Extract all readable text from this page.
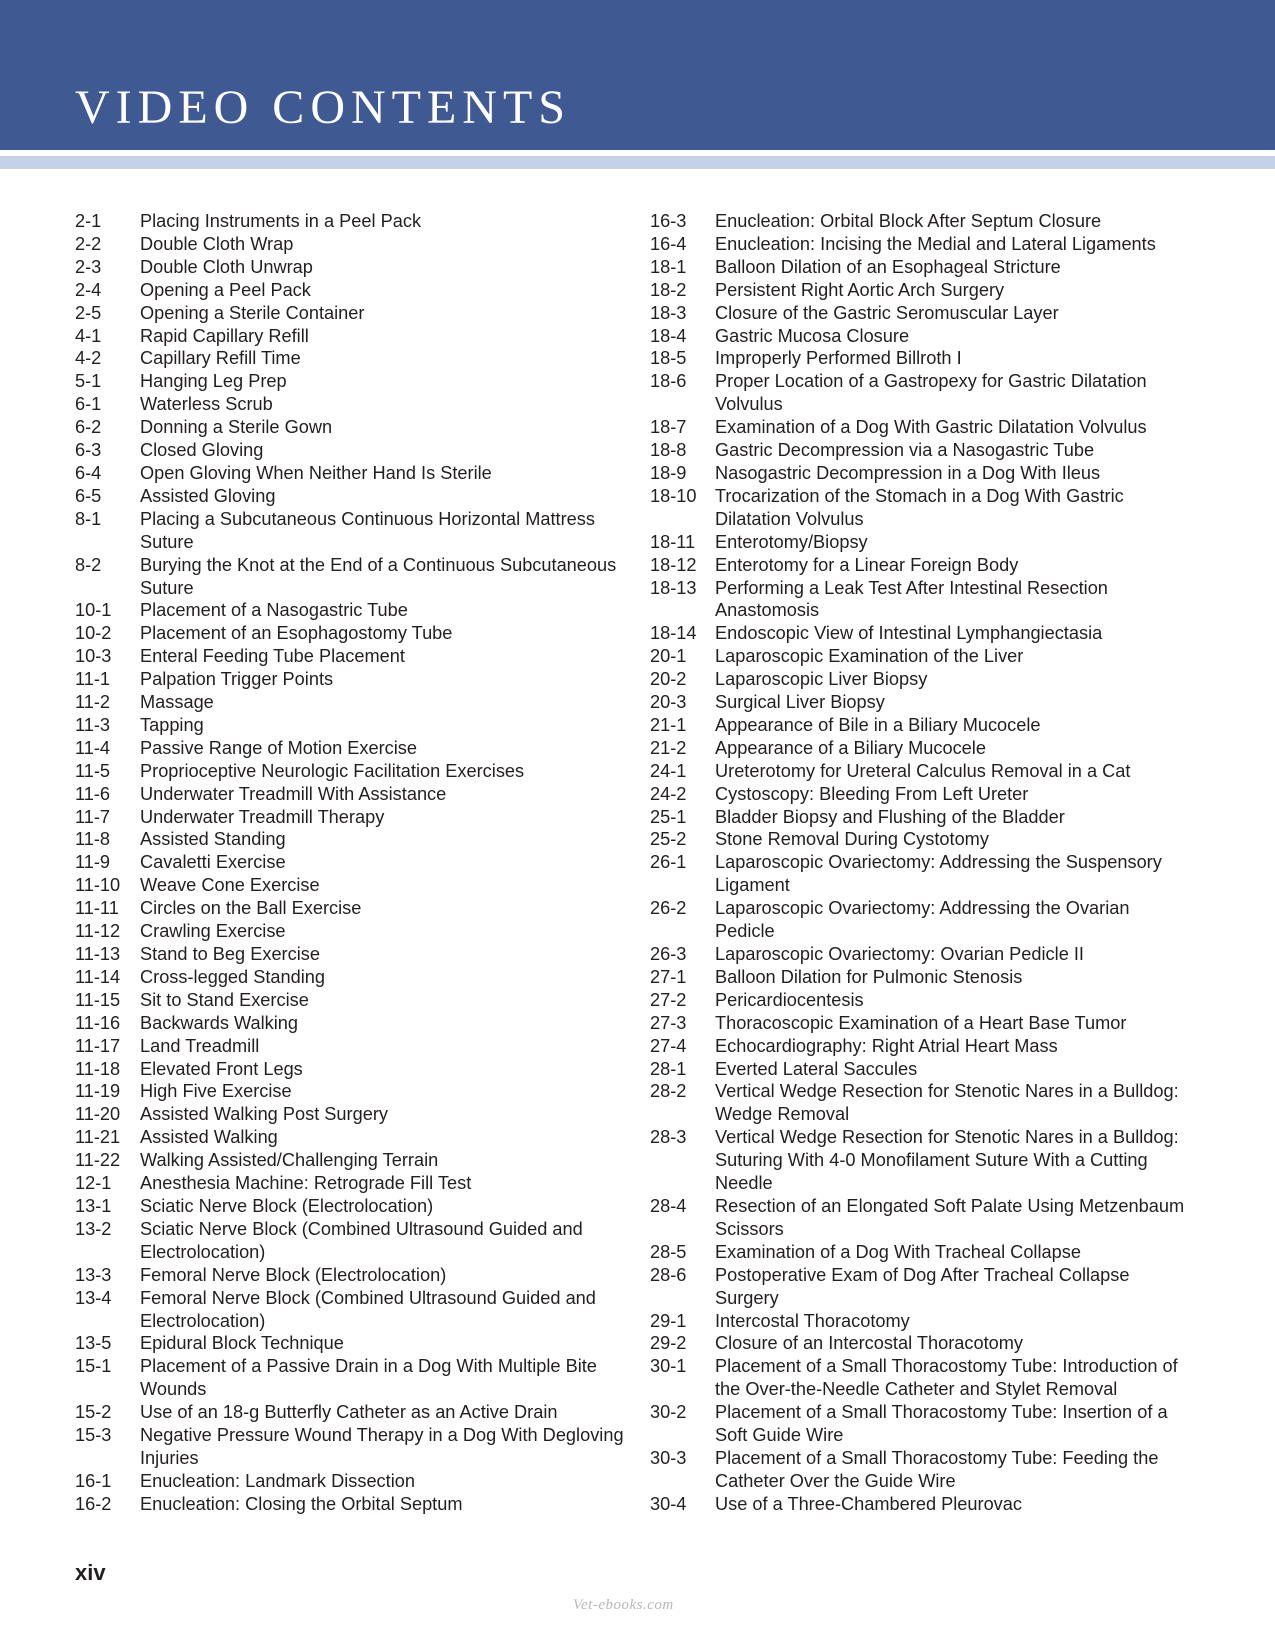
VIDEO CONTENTS
2-1	Placing Instruments in a Peel Pack
2-2	Double Cloth Wrap
2-3	Double Cloth Unwrap
2-4	Opening a Peel Pack
2-5	Opening a Sterile Container
4-1	Rapid Capillary Refill
4-2	Capillary Refill Time
5-1	Hanging Leg Prep
6-1	Waterless Scrub
6-2	Donning a Sterile Gown
6-3	Closed Gloving
6-4	Open Gloving When Neither Hand Is Sterile
6-5	Assisted Gloving
8-1	Placing a Subcutaneous Continuous Horizontal Mattress Suture
8-2	Burying the Knot at the End of a Continuous Subcutaneous Suture
10-1	Placement of a Nasogastric Tube
10-2	Placement of an Esophagostomy Tube
10-3	Enteral Feeding Tube Placement
11-1	Palpation Trigger Points
11-2	Massage
11-3	Tapping
11-4	Passive Range of Motion Exercise
11-5	Proprioceptive Neurologic Facilitation Exercises
11-6	Underwater Treadmill With Assistance
11-7	Underwater Treadmill Therapy
11-8	Assisted Standing
11-9	Cavaletti Exercise
11-10	Weave Cone Exercise
11-11	Circles on the Ball Exercise
11-12	Crawling Exercise
11-13	Stand to Beg Exercise
11-14	Cross-legged Standing
11-15	Sit to Stand Exercise
11-16	Backwards Walking
11-17	Land Treadmill
11-18	Elevated Front Legs
11-19	High Five Exercise
11-20	Assisted Walking Post Surgery
11-21	Assisted Walking
11-22	Walking Assisted/Challenging Terrain
12-1	Anesthesia Machine: Retrograde Fill Test
13-1	Sciatic Nerve Block (Electrolocation)
13-2	Sciatic Nerve Block (Combined Ultrasound Guided and Electrolocation)
13-3	Femoral Nerve Block (Electrolocation)
13-4	Femoral Nerve Block (Combined Ultrasound Guided and Electrolocation)
13-5	Epidural Block Technique
15-1	Placement of a Passive Drain in a Dog With Multiple Bite Wounds
15-2	Use of an 18-g Butterfly Catheter as an Active Drain
15-3	Negative Pressure Wound Therapy in a Dog With Degloving Injuries
16-1	Enucleation: Landmark Dissection
16-2	Enucleation: Closing the Orbital Septum
16-3	Enucleation: Orbital Block After Septum Closure
16-4	Enucleation: Incising the Medial and Lateral Ligaments
18-1	Balloon Dilation of an Esophageal Stricture
18-2	Persistent Right Aortic Arch Surgery
18-3	Closure of the Gastric Seromuscular Layer
18-4	Gastric Mucosa Closure
18-5	Improperly Performed Billroth I
18-6	Proper Location of a Gastropexy for Gastric Dilatation Volvulus
18-7	Examination of a Dog With Gastric Dilatation Volvulus
18-8	Gastric Decompression via a Nasogastric Tube
18-9	Nasogastric Decompression in a Dog With Ileus
18-10	Trocarization of the Stomach in a Dog With Gastric Dilatation Volvulus
18-11	Enterotomy/Biopsy
18-12	Enterotomy for a Linear Foreign Body
18-13	Performing a Leak Test After Intestinal Resection Anastomosis
18-14	Endoscopic View of Intestinal Lymphangiectasia
20-1	Laparoscopic Examination of the Liver
20-2	Laparoscopic Liver Biopsy
20-3	Surgical Liver Biopsy
21-1	Appearance of Bile in a Biliary Mucocele
21-2	Appearance of a Biliary Mucocele
24-1	Ureterotomy for Ureteral Calculus Removal in a Cat
24-2	Cystoscopy: Bleeding From Left Ureter
25-1	Bladder Biopsy and Flushing of the Bladder
25-2	Stone Removal During Cystotomy
26-1	Laparoscopic Ovariectomy: Addressing the Suspensory Ligament
26-2	Laparoscopic Ovariectomy: Addressing the Ovarian Pedicle
26-3	Laparoscopic Ovariectomy: Ovarian Pedicle II
27-1	Balloon Dilation for Pulmonic Stenosis
27-2	Pericardiocentesis
27-3	Thoracoscopic Examination of a Heart Base Tumor
27-4	Echocardiography: Right Atrial Heart Mass
28-1	Everted Lateral Saccules
28-2	Vertical Wedge Resection for Stenotic Nares in a Bulldog: Wedge Removal
28-3	Vertical Wedge Resection for Stenotic Nares in a Bulldog: Suturing With 4-0 Monofilament Suture With a Cutting Needle
28-4	Resection of an Elongated Soft Palate Using Metzenbaum Scissors
28-5	Examination of a Dog With Tracheal Collapse
28-6	Postoperative Exam of Dog After Tracheal Collapse Surgery
29-1	Intercostal Thoracotomy
29-2	Closure of an Intercostal Thoracotomy
30-1	Placement of a Small Thoracostomy Tube: Introduction of the Over-the-Needle Catheter and Stylet Removal
30-2	Placement of a Small Thoracostomy Tube: Insertion of a Soft Guide Wire
30-3	Placement of a Small Thoracostomy Tube: Feeding the Catheter Over the Guide Wire
30-4	Use of a Three-Chambered Pleurovac
xiv
Vet-ebooks.com
